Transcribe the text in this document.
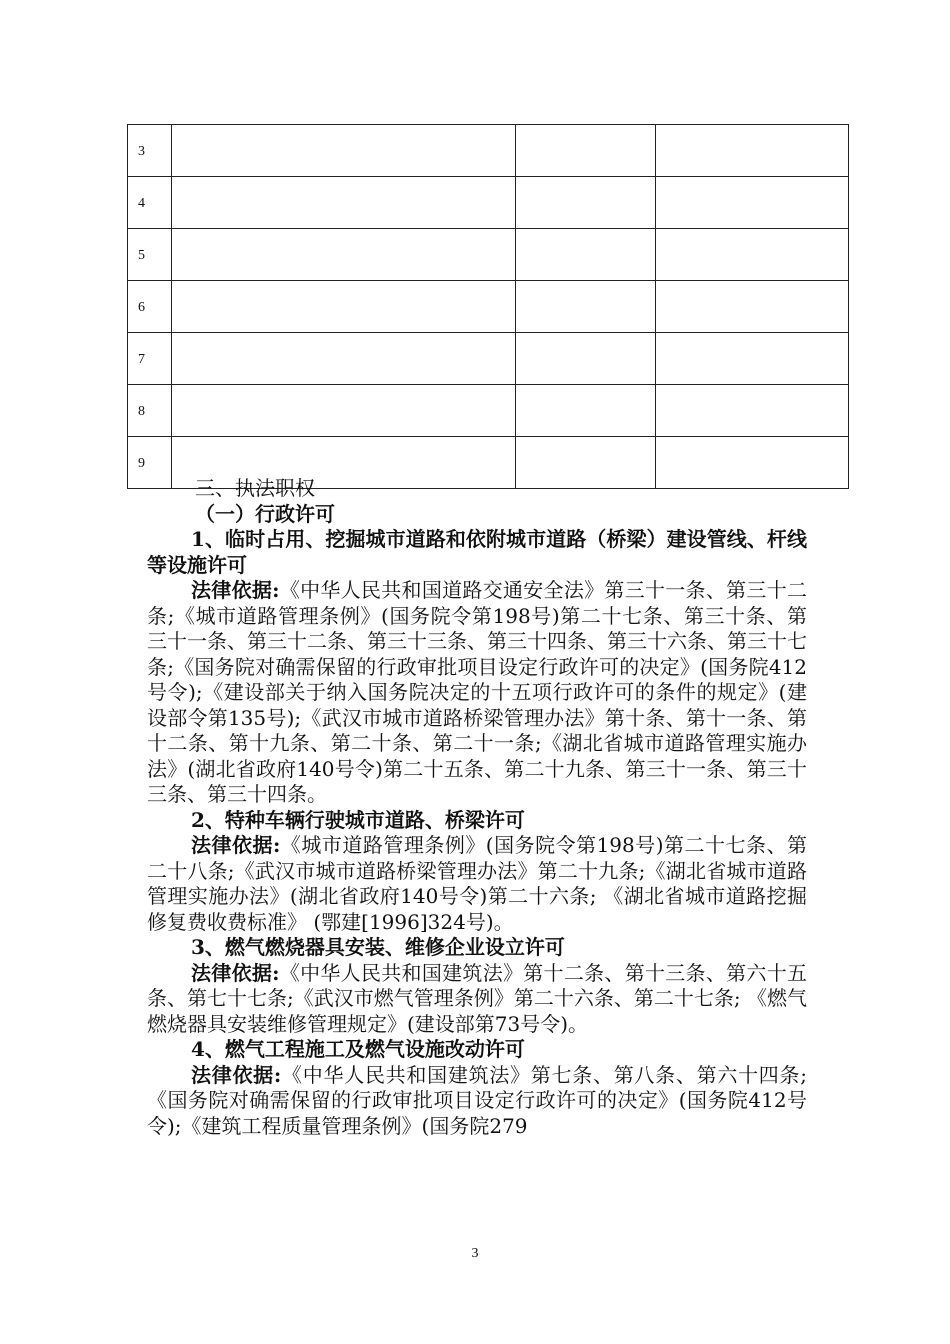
3			
4			
5			
6			
7			
8			
9			

三、执法职权

（一）行政许可

1、临时占用、挖掘城市道路和依附城市道路（桥梁）建设管线、杆线等设施许可

法律依据:《中华人民共和国道路交通安全法》第三十一条、第三十二条;《城市道路管理条例》(国务院令第198号)第二十七条、第三十条、第三十一条、第三十二条、第三十三条、第三十四条、第三十六条、第三十七条;《国务院对确需保留的行政审批项目设定行政许可的决定》(国务院412号令);《建设部关于纳入国务院决定的十五项行政许可的条件的规定》(建设部令第135号);《武汉市城市道路桥梁管理办法》第十条、第十一条、第十二条、第十九条、第二十条、第二十一条;《湖北省城市道路管理实施办法》(湖北省政府140号令)第二十五条、第二十九条、第三十一条、第三十三条、第三十四条。

2、特种车辆行驶城市道路、桥梁许可

法律依据:《城市道路管理条例》(国务院令第198号)第二十七条、第二十八条;《武汉市城市道路桥梁管理办法》第二十九条;《湖北省城市道路管理实施办法》(湖北省政府140号令)第二十六条; 《湖北省城市道路挖掘修复费收费标准》 (鄂建[1996]324号)。

3、燃气燃烧器具安装、维修企业设立许可

法律依据:《中华人民共和国建筑法》第十二条、第十三条、第六十五条、第七十七条;《武汉市燃气管理条例》第二十六条、第二十七条; 《燃气燃烧器具安装维修管理规定》(建设部第73号令)。

4、燃气工程施工及燃气设施改动许可

法律依据:《中华人民共和国建筑法》第七条、第八条、第六十四条; 《国务院对确需保留的行政审批项目设定行政许可的决定》(国务院412号令);《建筑工程质量管理条例》(国务院279

3
